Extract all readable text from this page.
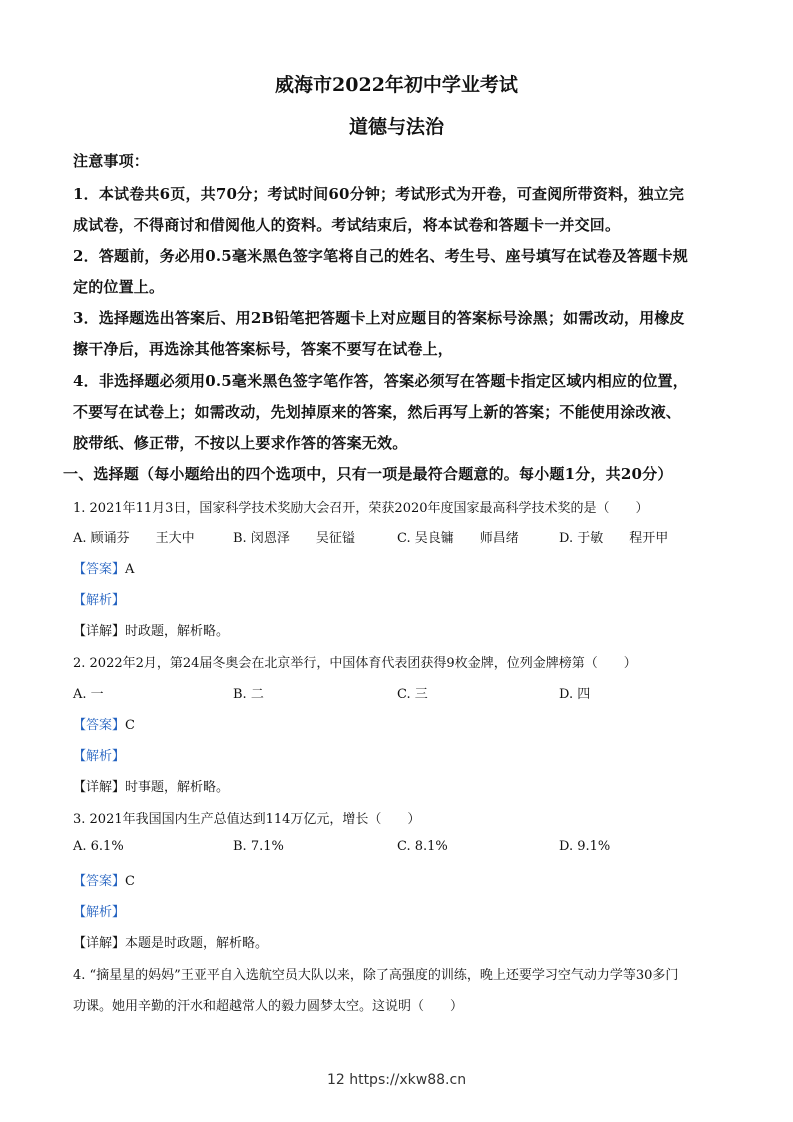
威海市2022年初中学业考试
道德与法治
注意事项：
1．本试卷共6页，共70分；考试时间60分钟；考试形式为开卷，可查阅所带资料，独立完
成试卷，不得商讨和借阅他人的资料。考试结束后，将本试卷和答题卡一并交回。
2．答题前，务必用0.5毫米黑色签字笔将自己的姓名、考生号、座号填写在试卷及答题卡规
定的位置上。
3．选择题选出答案后、用2B铅笔把答题卡上对应题目的答案标号涂黑；如需改动，用橡皮
擦干净后，再选涂其他答案标号，答案不要写在试卷上，
4．非选择题必须用0.5毫米黑色签字笔作答，答案必须写在答题卡指定区域内相应的位置，
不要写在试卷上；如需改动，先划掉原来的答案，然后再写上新的答案；不能使用涂改液、
胶带纸、修正带，不按以上要求作答的答案无效。
一、选择题（每小题给出的四个选项中，只有一项是最符合题意的。每小题1分，共20分）
1. 2021年11月3日，国家科学技术奖励大会召开，荣获2020年度国家最高科学技术奖的是（　　）
A. 顾诵芬　　王大中	B. 闵恩泽　　吴征镒	C. 吴良镛　　师昌绪	D. 于敏　　程开甲
【答案】A
【解析】
【详解】时政题，解析略。
2. 2022年2月，第24届冬奥会在北京举行，中国体育代表团获得9枚金牌，位列金牌榜第（　　）
A. 一	B. 二	C. 三	D. 四
【答案】C
【解析】
【详解】时事题，解析略。
3. 2021年我国国内生产总值达到114万亿元，增长（　　）
A. 6.1%	B. 7.1%	C. 8.1%	D. 9.1%
【答案】C
【解析】
【详解】本题是时政题，解析略。
4. “摘星星的妈妈”王亚平自入选航空员大队以来，除了高强度的训练，晚上还要学习空气动力学等30多门
功课。她用辛勤的汗水和超越常人的毅力圆梦太空。这说明（　　）
12 https://xkw88.cn
